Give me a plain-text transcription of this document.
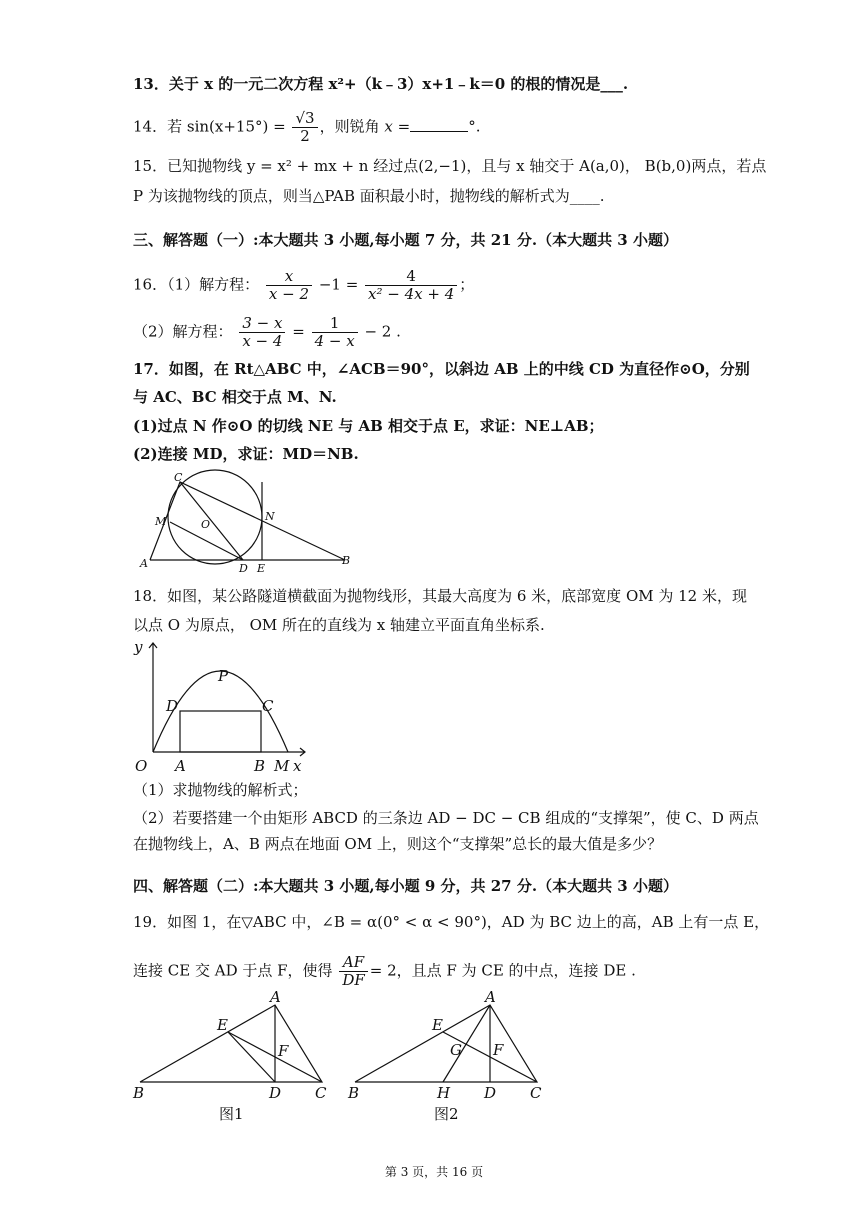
13．关于 x 的一元二次方程 x²+（k﹣3）x+1﹣k＝0 的根的情况是___.
14．若 $\sin(x+15^\circ) = \frac{√3}{2}$ ，则锐角 x =	°.
15．已知抛物线 y = x² + mx + n 经过点(2,−1)，且与 x 轴交于 A(a,0)， B(b,0)两点，若点
P 为该抛物线的顶点，则当△PAB 面积最小时，抛物线的解析式为____.
三、解答题（一）:本大题共 3 小题,每小题 7 分，共 21 分.（本大题共 3 小题）
16．（1）解方程： $\frac{x}{x - 2} -1 = \frac{4}{\text{x² − 4x + 4}}$ ；
（2）解方程： $\frac{3 - x}{x - 4} = \frac{1}{4 - x} - 2$ .
17．如图，在 Rt△ABC 中，∠ACB＝90°，以斜边 AB 上的中线 CD 为直径作⊙O，分别
与 AC、BC 相交于点 M、N.
(1)过点 N 作⊙O 的切线 NE 与 AB 相交于点 E，求证：NE⊥AB；
(2)连接 MD，求证：MD＝NB.
C
M	O
N
A	D E
B
18．如图，某公路隧道横截面为抛物线形，其最大高度为 6 米，底部宽度 OM 为 12 米，现
以点 O 为原点， OM 所在的直线为 x 轴建立平面直角坐标系.
y
P
D	C
O A	B M x
（1）求抛物线的解析式；
（2）若要搭建一个由矩形 ABCD 的三条边 AD − DC − CB 组成的“支撑架”，使 C、D 两点
在抛物线上，A、B 两点在地面 OM 上，则这个“支撑架”总长的最大值是多少？
四、解答题（二）:本大题共 3 小题,每小题 9 分，共 27 分.（本大题共 3 小题）
19．如图 1，在▽ABC 中，∠B = α(0° < α < 90°)，AD 为 BC 边上的高，AB 上有一点 E，
连接 CE 交 AD 于点 F，使得 $\frac{AF}{DF} = 2$，且点 F 为 CE 的中点，连接 DE .
A
E
F
B	D C
A
E
G F
B	H D C
图1	图2
第 3 页，共 16 页
